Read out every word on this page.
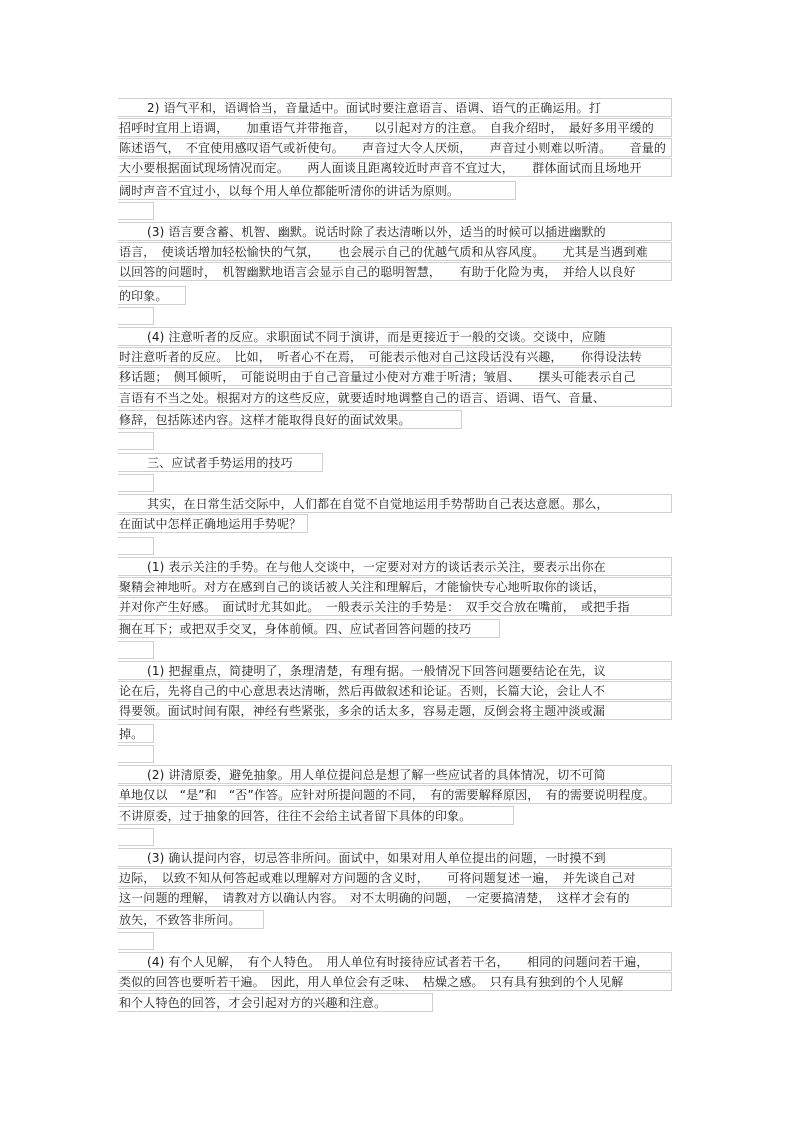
2) 语气平和，语调恰当，音量适中。面试时要注意语言、语调、语气的正确运用。打
招呼时宜用上语调，　　加重语气并带拖音，　　以引起对方的注意。　自我介绍时，　最好多用平缓的
陈述语气，　不宜使用感叹语气或祈使句。　　声音过大令人厌烦，　　声音过小则难以听清。　　音量的
大小要根据面试现场情况而定。　　两人面谈且距离较近时声音不宜过大，　　群体面试而且场地开
阔时声音不宜过小，以每个用人单位都能听清你的讲话为原则。
(3) 语言要含蓄、机智、幽默。说话时除了表达清晰以外，适当的时候可以插进幽默的
语言，　使谈话增加轻松愉快的气氛，　　也会展示自己的优越气质和从容风度。　　尤其是当遇到难
以回答的问题时，　机智幽默地语言会显示自己的聪明智慧，　　有助于化险为夷，　并给人以良好
的印象。
(4) 注意听者的反应。求职面试不同于演讲，而是更接近于一般的交谈。交谈中，应随
时注意听者的反应。　比如，　听者心不在焉，　可能表示他对自己这段话没有兴趣，　　你得设法转
移话题；　侧耳倾听，　可能说明由于自己音量过小使对方难于听清；皱眉、　　摆头可能表示自己
言语有不当之处。根据对方的这些反应，就要适时地调整自己的语言、语调、语气、音量、
修辞，包括陈述内容。这样才能取得良好的面试效果。
三、应试者手势运用的技巧
其实，在日常生活交际中，人们都在自觉不自觉地运用手势帮助自己表达意愿。那么，
在面试中怎样正确地运用手势呢？
(1) 表示关注的手势。在与他人交谈中，一定要对对方的谈话表示关注，要表示出你在
聚精会神地听。对方在感到自己的谈话被人关注和理解后，才能愉快专心地听取你的谈话，
并对你产生好感。　面试时尤其如此。　一般表示关注的手势是：　双手交合放在嘴前，　或把手指
搁在耳下；或把双手交叉，身体前倾。四、应试者回答问题的技巧
(1) 把握重点，简捷明了，条理清楚，有理有据。一般情况下回答问题要结论在先，议
论在后，先将自己的中心意思表达清晰，然后再做叙述和论证。否则，长篇大论，会让人不
得要领。面试时间有限，神经有些紧张，多余的话太多，容易走题，反倒会将主题冲淡或漏
掉。
(2) 讲清原委，避免抽象。用人单位提问总是想了解一些应试者的具体情况，切不可简
单地仅以　“是”和　“否”作答。应针对所提问题的不同，　有的需要解释原因，　有的需要说明程度。
不讲原委，过于抽象的回答，往往不会给主试者留下具体的印象。
(3) 确认提问内容，切忌答非所问。面试中，如果对用人单位提出的问题，一时摸不到
边际，　以致不知从何答起或难以理解对方问题的含义时，　　可将问题复述一遍，　并先谈自己对
这一问题的理解，　请教对方以确认内容。　对不太明确的问题，　一定要搞清楚，　这样才会有的
放矢，不致答非所问。
(4) 有个人见解，　有个人特色。　用人单位有时接待应试者若干名，　　相同的问题问若干遍，
类似的回答也要听若干遍。　因此，用人单位会有乏味、　枯燥之感。　只有具有独到的个人见解
和个人特色的回答，才会引起对方的兴趣和注意。
